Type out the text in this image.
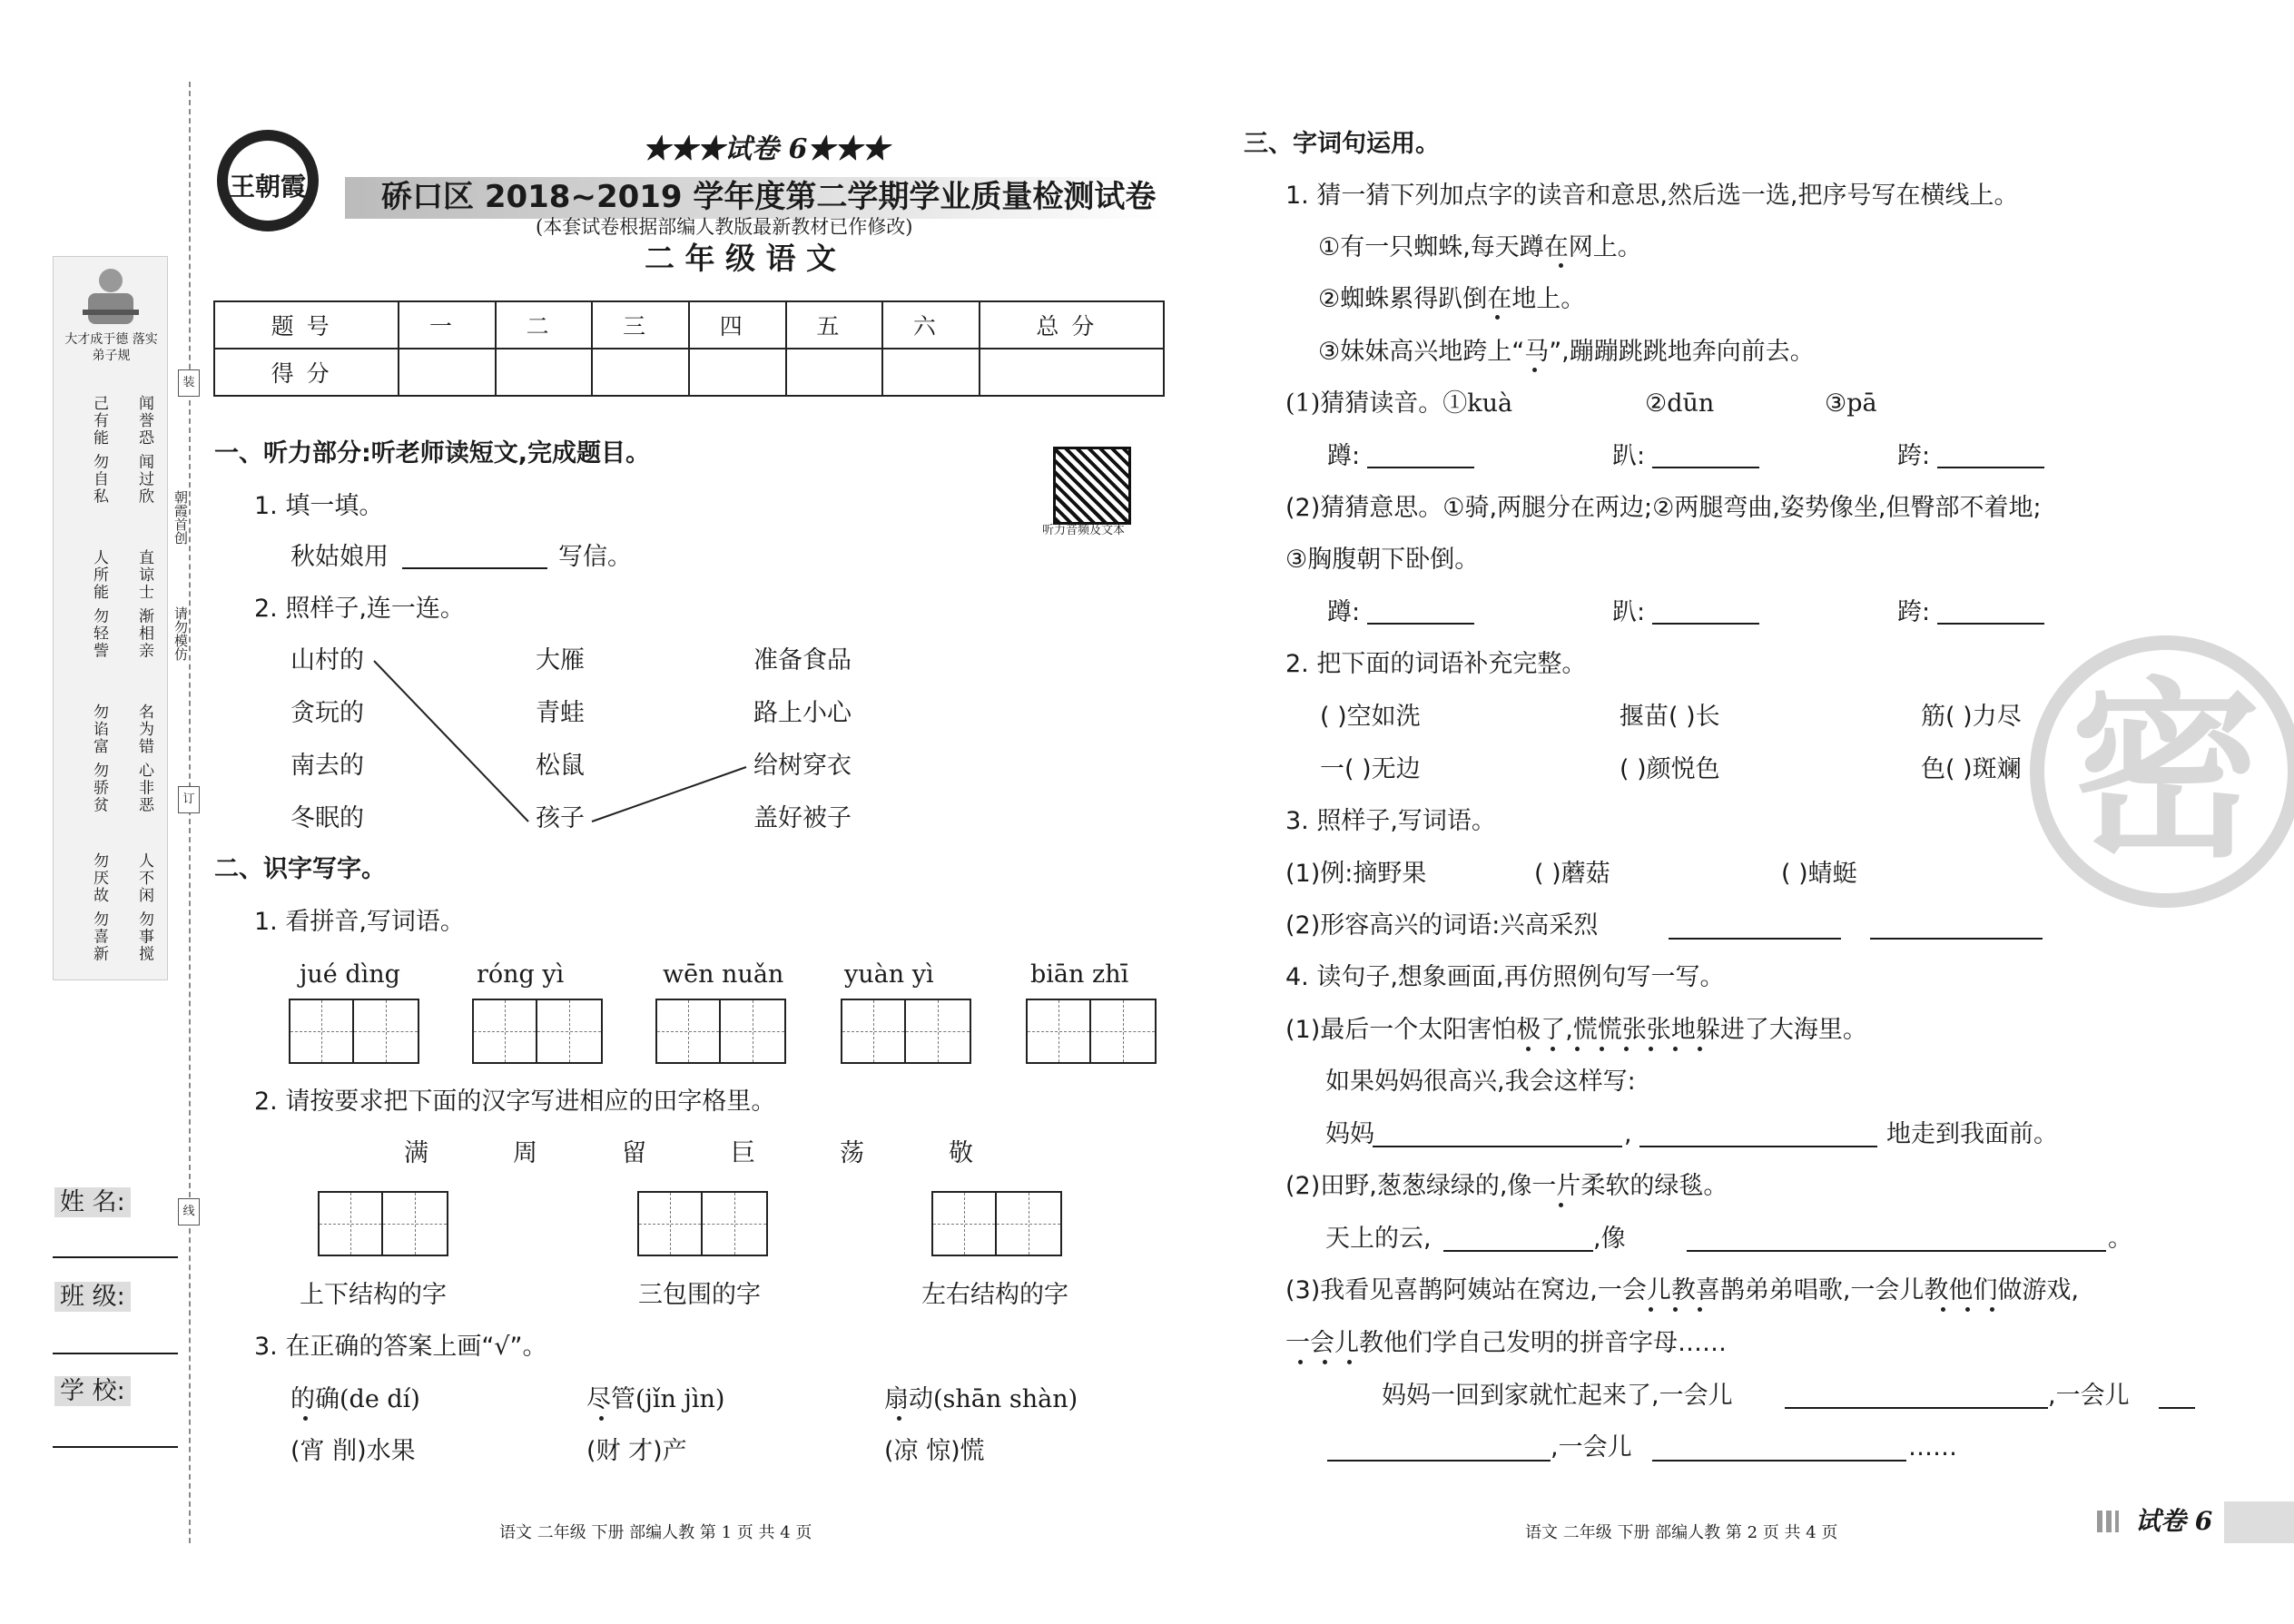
大才成于德 落实弟子规
闻誉恐 闻过欣
直谅士 渐相亲
名为错 心非恶
人不闲 勿事搅
己有能 勿自私
人所能 勿轻訾
勿谄富 勿骄贫
勿厌故 勿喜新
朝霞首创
请勿模仿
装
订
线
姓 名:
班 级:
学 校:
王朝霞
★★★试卷 6★★★
硚口区 2018~2019 学年度第二学期学业质量检测试卷
(本套试卷根据部编人教版最新教材已作修改)
二 年 级 语 文
题号	一	二	三	四	五	六	总分
得分							
听力音频及文本
一、听力部分:听老师读短文,完成题目。
1. 填一填。
秋姑娘用	写信。
2. 照样子,连一连。
山村的
贪玩的
南去的
冬眠的
大雁
青蛙
松鼠
孩子
准备食品
路上小心
给树穿衣
盖好被子
二、识字写字。
1. 看拼音,写词语。
jué dìng	róng yì	wēn nuǎn yuàn yì	biān zhī
2. 请按要求把下面的汉字写进相应的田字格里。
满	周	留	巨	荡	敬
上下结构的字	三包围的字	左右结构的字
3. 在正确的答案上画“√”。
的确(de dí)	尽管(jǐn jìn)	扇动(shān shàn)
(宵 削)水果	(财 才)产	(凉 惊)慌
语文 二年级 下册 部编人教 第 1 页 共 4 页
三、字词句运用。
1. 猜一猜下列加点字的读音和意思,然后选一选,把序号写在横线上。
①有一只蜘蛛,每天蹲在网上。
②蜘蛛累得趴倒在地上。
③妹妹高兴地跨上“马”,蹦蹦跳跳地奔向前去。
(1)猜猜读音。①kuà	②dūn	③pā
蹲:	趴:	跨:
(2)猜猜意思。①骑,两腿分在两边;②两腿弯曲,姿势像坐,但臀部不着地;
③胸腹朝下卧倒。
蹲:	趴:	跨:
2. 把下面的词语补充完整。
( )空如洗	揠苗( )长	筋( )力尽
一( )无边	( )颜悦色	色( )斑斓
3. 照样子,写词语。
(1)例:摘野果	( )蘑菇	( )蜻蜓
(2)形容高兴的词语:兴高采烈
4. 读句子,想象画面,再仿照例句写一写。
(1)最后一个太阳害怕极了,慌慌张张地躲进了大海里。
如果妈妈很高兴,我会这样写:
妈妈	,	地走到我面前。
(2)田野,葱葱绿绿的,像一片柔软的绿毯。
天上的云,	,像	。
(3)我看见喜鹊阿姨站在窝边,一会儿教喜鹊弟弟唱歌,一会儿教他们做游戏,
一会儿教他们学自己发明的拼音字母……
妈妈一回到家就忙起来了,一会儿	,一会儿
,一会儿	……
密
语文 二年级 下册 部编人教 第 2 页 共 4 页	试卷 6
